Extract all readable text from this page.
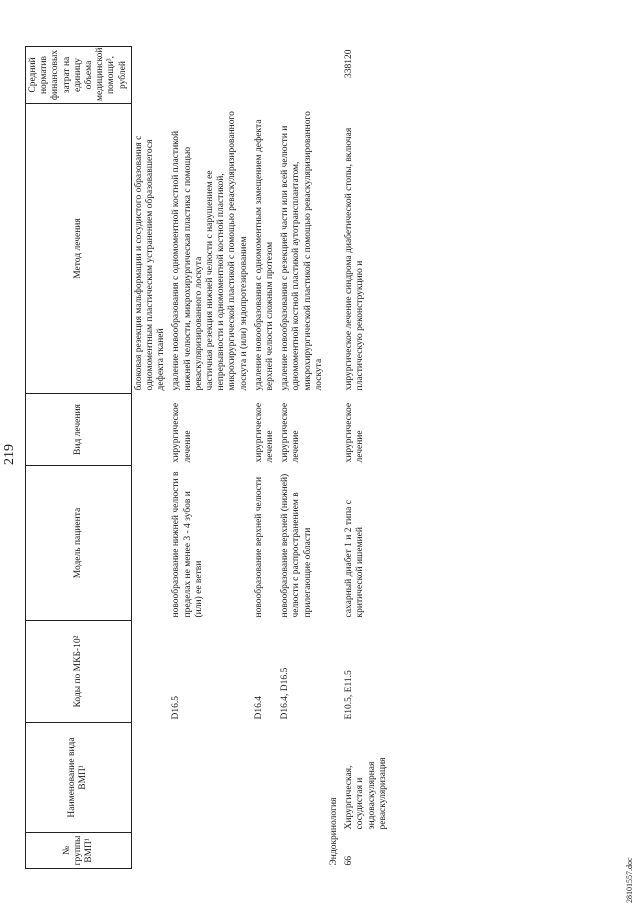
219
№ группы ВМП¹	Наименование вида ВМП¹	Коды по МКБ-10²	Модель пациента	Вид лечения	Метод лечения	Средний норматив финансовых затрат на единицу объема медицинской помощи³, рублей
					блоковая резекция мальформации и сосудистого образования с одномоментным пластическим устранением образовавшегося дефекта тканей	
		D16.5	новообразование нижней челюсти в пределах не менее 3 - 4 зубов и (или) ее ветви	хирургическое лечение	удаление новообразования с одномоментной костной пластикой нижней челюсти, микрохирургическая пластика с помощью реваскуляризированного лоскута частичная резекция нижней челюсти с нарушением ее непрерывности и одномоментной костной пластикой, микрохирургической пластикой с помощью реваскуляризированного лоскута и (или) эндопротезированием	

		D16.4	новообразование верхней челюсти	хирургическое лечение	удаление новообразования с одномоментным замещением дефекта верхней челюсти сложным протезом	
		D16.4, D16.5	новообразование верхней (нижней) челюсти с распространением в прилегающие области	хирургическое лечение	удаление новообразования с резекцией части или всей челюсти и одномоментной костной пластикой аутотрансплантатом, микрохирургической пластикой с помощью реваскуляризированного лоскута	
Эндокринология						
66	Хирургическая, сосудистая и эндоваскулярная реваскуляризация	E10.5, E11.5	сахарный диабет 1 и 2 типа с критической ишемией	хирургическое лечение	хирургическое лечение синдрома диабетической стопы, включая пластическую реконструкцию и	338120
28101557.doc
